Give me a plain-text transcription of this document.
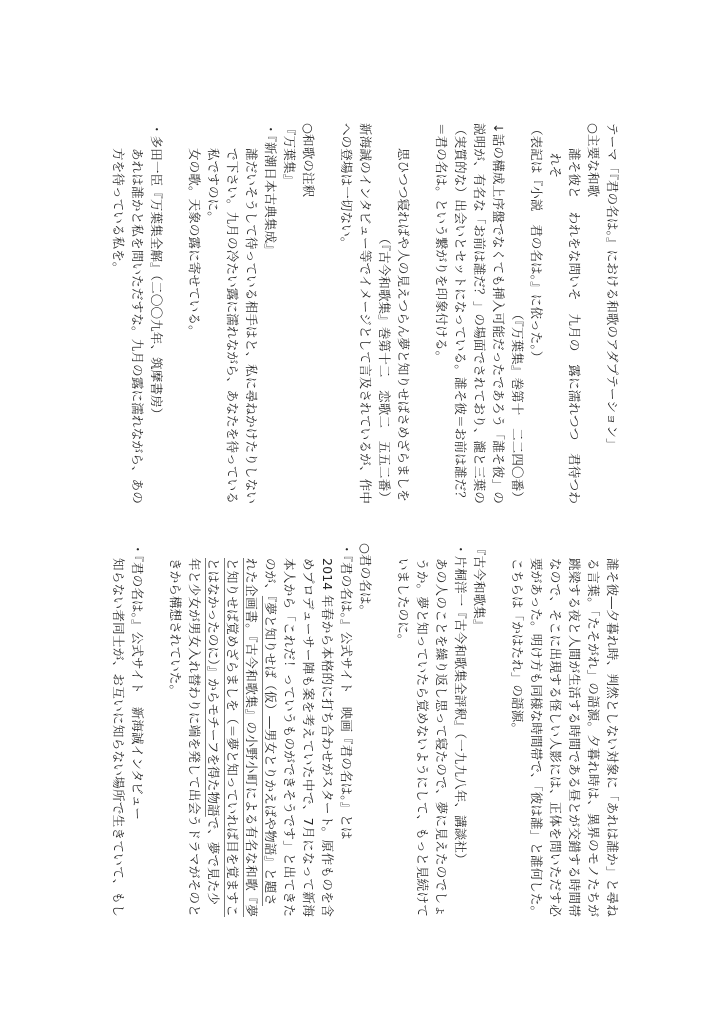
テーマ「『君の名は。』における和歌のアダプテーション」
○主要な和歌
誰そ彼と　われをな問いそ　九月の　露に濡れつつ　君待つわ
れそ
（表記は『小説　君の名は。』に依った。）
（『万葉集』巻第十　二二四〇番）
↓話の構成上序盤でなくても挿入可能だったであろう「誰そ彼」の
説明が、有名な「お前は誰だ？」の場面でされており、瀧と三葉の
（実質的な）出会いとセットになっている。誰そ彼＝お前は誰だ？
＝君の名は。という繋がりを印象付ける。
思ひつつ寝ればや人の見えつらん夢と知りせばさめざらましを
（『古今和歌集』巻第十二　恋歌二　五五二番）
新海誠のインタビュー等でイメージとして言及されているが、作中
への登場は一切ない。
○和歌の注釈
『万葉集』
・『新潮日本古典集成』
誰だいそうして待っている相手はと、私に尋ねかけたりしない
で下さい。九月の冷たい露に濡れながら、あなたを待っている
私ですのに。
女の歌。天象の露に寄せている。
・多田一臣『万葉集全解』（二〇〇九年、筑摩書房）
あれは誰かと私を問いただすな。九月の露に濡れながら、あの
方を待っている私を。
誰そ彼―夕暮れ時、判然としない対象に「あれは誰か」と尋ね
る言葉。「たそがれ」の語源。夕暮れ時は、異界のモノたちが
跳梁する夜と人間が生活する時間である昼とが交錯する時間帯
なので、そこに出現する怪しい人影には、正体を問いただす必
要があった。明け方も同様な時間帯で、「彼は誰」と誰何した。
こちらは「かはたれ」の語源。
『古今和歌集』
・片桐洋一『古今和歌集全評釈』（一九九八年、講談社）
あの人のことを繰り返し思って寝たので、夢に見えたのでしょ
うか。夢と知っていたら覚めないようにして、もっと見続けて
いましたのに。
○君の名は。
・『君の名は。』公式サイト　映画『君の名は。』とは
2014 年春から本格的に打ち合わせがスタート。原作ものを含
めプロデューサー陣も案を考えていた中で、7月になって新海
本人から「これだ！っていうものができそうです」と出てきた
のが、『夢と知りせば（仮）―男女とりかえばや物語』と題さ
れた企画書。『古今和歌集』の小野小町による有名な和歌『夢
と知りせば覚めざらましを（＝夢と知っていれば目を覚ますこ
とはなかったのに）』からモチーフを得た物語で、夢で見た少
年と少女が男女入れ替わりに端を発して出会うドラマがそのと
きから構想されていた。
・『君の名は。』公式サイト　新海誠インタビュー
知らない者同士が、お互いに知らない場所で生きていて、もし
